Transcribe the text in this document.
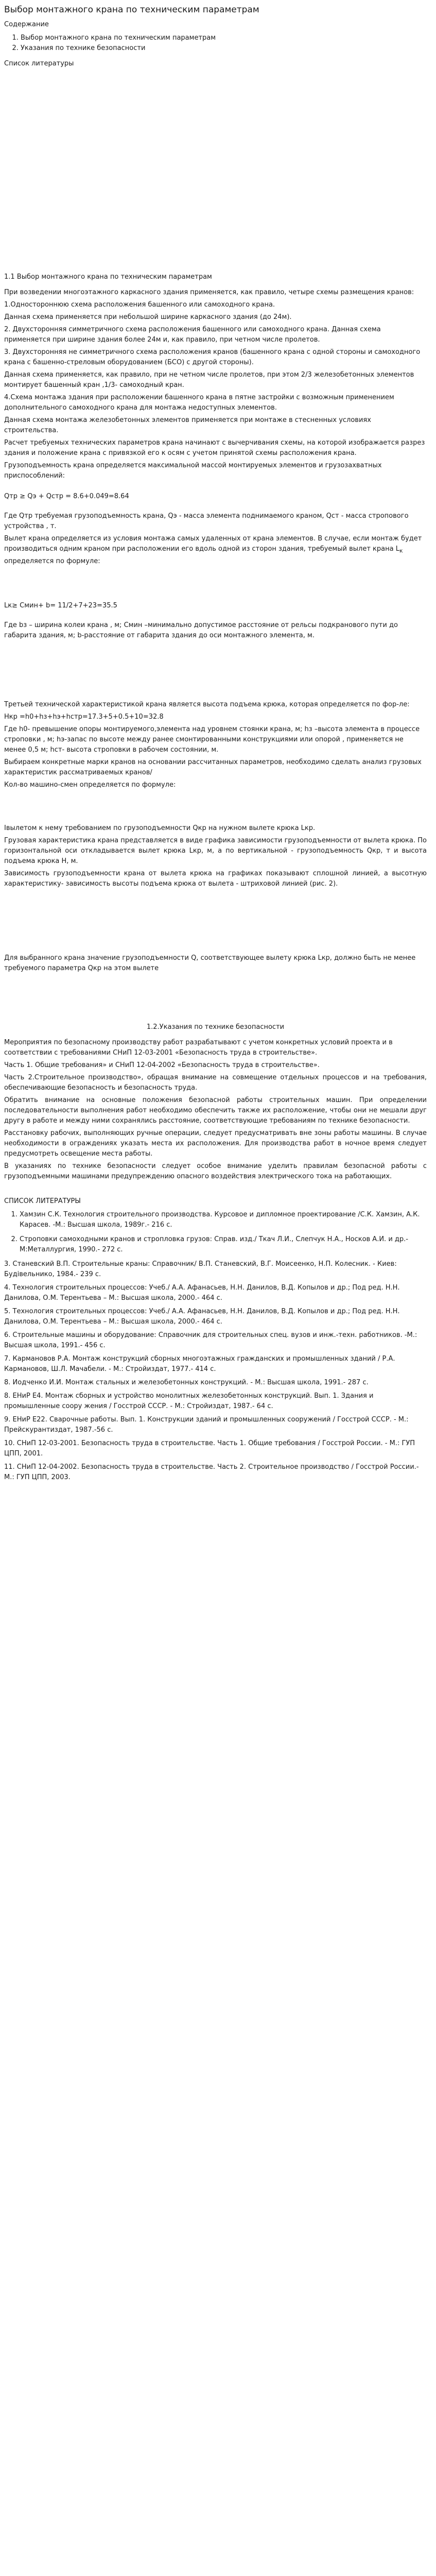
Выбор монтажного крана по техническим параметрам
Содержание
1. Выбор монтажного крана по техническим параметрам
2. Указания по технике безопасности
Список литературы
1.1 Выбор монтажного крана по техническим параметрам

При возведении многоэтажного каркасного здания применяется, как правило, четыре схемы размещения кранов:

1.Одностороннюю схема расположения башенного или самоходного крана.

Данная схема применяется при небольшой ширине каркасного здания (до 24м).

2. Двухсторонняя симметричного схема расположения башенного или самоходного крана. Данная схема применяется при ширине здания более 24м и, как правило, при четном числе пролетов.

3. Двухсторонняя не симметричного схема расположения кранов (башенного крана с одной стороны и самоходного крана с башенно-стреловым оборудованием (БСО) с другой стороны).

Данная схема применяется, как правило, при не четном числе пролетов, при этом 2/3 железобетонных элементов монтирует башенный кран ,1/3- самоходный кран.

4.Схема монтажа здания при расположении башенного крана в пятне застройки с возможным применением дополнительного самоходного крана для монтажа недоступных элементов.

Данная схема монтажа железобетонных элементов применяется при монтаже в стесненных условиях строительства.

Расчет требуемых технических параметров крана начинают с вычерчивания схемы, на которой изображается разрез здания и положение крана с привязкой его к осям с учетом принятой схемы расположения крана.

Грузоподъемность крана определяется максимальной массой монтируемых элементов и грузозахватных приспособлений:

Qтр ≥ Qэ + Qстр = 8.6+0.049=8.64

Где Qтр требуемая грузоподъемность крана, Qэ - масса элемента поднимаемого краном, Qст - масса стропового устройства , т.

Вылет крана определяется из условия монтажа самых удаленных от крана элементов. В случае, если монтаж будет производиться одним краном при расположении его вдоль одной из сторон здания, требуемый вылет крана $L_к$ определяется по формуле:

Lк≥ Смин+ b= 11/2+7+23=35.5

Где bз – ширина колеи крана , м; Смин –минимально допустимое расстояние от рельсы подкранового пути до габарита здания, м; b-расстояние от габарита здания до оси монтажного элемента, м.

Третьей технической характеристикой крана является высота подъема крюка, которая определяется по фор-ле:

Нкр =h0+hз+hэ+hстр=17.3+5+0.5+10=32.8

Где h0- превышение опоры монтируемого,элемента над уровнем стоянки крана, м; hз –высота элемента в процессе строповки , м; hэ-запас по высоте между ранее смонтированными конструкциями или опорой , применяется не менее 0,5 м; hст- высота строповки в рабочем состоянии, м.

Выбираем конкретные марки кранов на основании рассчитанных параметров, необходимо сделать анализ грузовых характеристик рассматриваемых кранов/

Кол-во машино-смен определяется по формуле:

Iвылетом к нему требованием по грузоподъемности Qкр на нужном вылете крюка Lкр.

Грузовая характеристика крана представляется в виде графика зависимости грузоподъемности от вылета крюка. По горизонтальной оси откладывается вылет крюка Lкр, м, а по вертикальной - грузоподъемность Qкр, т и высота подъема крюка Н, м.

Зависимость грузоподъемности крана от вылета крюка на графиках показывают сплошной линией, а высотную характеристику- зависимость высоты подъема крюка от вылета - штриховой линией (рис. 2).

Для выбранного крана значение грузоподъемности Q, соответствующее вылету крюка Lкр, должно быть не менее требуемого параметра Qкр на этом вылете

1.2.Указания по технике безопасности

Мероприятия по безопасному производству работ разрабатывают с учетом конкретных условий проекта и в соответствии с требованиями СНиП 12-03-2001 «Безопасность труда в строительстве».

Часть 1. Общие требования» и СНиП 12-04-2002 «Безопасность труда в строительстве».

Часть 2.Строительное производство», обращая внимание на совмещение отдельных процессов и на требования, обеспечивающие безопасность и безопасность труда.

Обратить внимание на основные положения безопасной работы строительных машин. При определении последовательности выполнения работ необходимо обеспечить также их расположение, чтобы они не мешали друг другу в работе и между ними сохранялись расстояние, соответствующие требованиям по технике безопасности.

Расстановку рабочих, выполняющих ручные операции, следует предусматривать вне зоны работы машины. В случае необходимости в ограждениях указать места их расположения. Для производства работ в ночное время следует предусмотреть освещение места работы.

В указаниях по технике безопасности следует особое внимание уделить правилам безопасной работы с грузоподъемными машинами предупреждению опасного воздействия электрического тока на работающих.

СПИСОК ЛИТЕРАТУРЫ
1. Хамзин С.К. Технология строительного производства. Курсовое и дипломное проектирование /С.К. Хамзин, А.К. Карасев. -М.: Высшая школа, 1989г.- 216 с.
2. Строповки самоходными кранов и стропловка грузов: Справ. изд./ Ткач Л.И., Слепчук Н.А., Носков А.И. и др.- М:Металлургия, 1990.- 272 с.
3. Станевский В.П. Строительные краны: Справочник/ В.П. Станевский, В.Г. Моисеенко, Н.П. Колесник. - Киев: Будiвельнико, 1984.- 239 с.
4. Технология строительных процессов: Учеб./ А.А. Афанасьев, Н.Н. Данилов, В.Д. Копылов и др.; Под ред. Н.Н. Данилова, О.М. Терентьева – М.: Высшая школа, 2000.- 464 с.
5. Технология строительных процессов: Учеб./ А.А. Афанасьев, Н.Н. Данилов, В.Д. Копылов и др.; Под ред. Н.Н. Данилова, О.М. Терентьева – М.: Высшая школа, 2000.- 464 с.
6. Строительные машины и оборудование: Справочник для строительных спец. вузов и инж.-техн. работников. -М.: Высшая школа, 1991.- 456 с.
7. Кармановов Р.А. Монтаж конструкций сборных многоэтажных гражданских и промышленных зданий / Р.А. Кармановов, Ш.Л. Мачабели. - М.: Стройиздат, 1977.- 414 с.
8. Иодченко И.И. Монтаж стальных и железобетонных конструкций. - М.: Высшая школа, 1991.- 287 с.
8. ЕНиР Е4. Монтаж сборных и устройство монолитных железобетонных конструкций. Вып. 1. Здания и промышленные соору жения / Госстрой СССР. - М.: Стройиздат, 1987.- 64 с.
9. ЕНиР Е22. Сварочные работы. Вып. 1. Конструкции зданий и промышленных сооружений / Госстрой СССР. - М.: Прейскурантиздат, 1987.-56 с.
10. СНиП 12-03-2001. Безопасность труда в строительстве. Часть 1. Общие требования / Госстрой России. - М.: ГУП ЦПП, 2001.
11. СНиП 12-04-2002. Безопасность труда в строительстве. Часть 2. Строительное производство / Госстрой России.- М.: ГУП ЦПП, 2003.
